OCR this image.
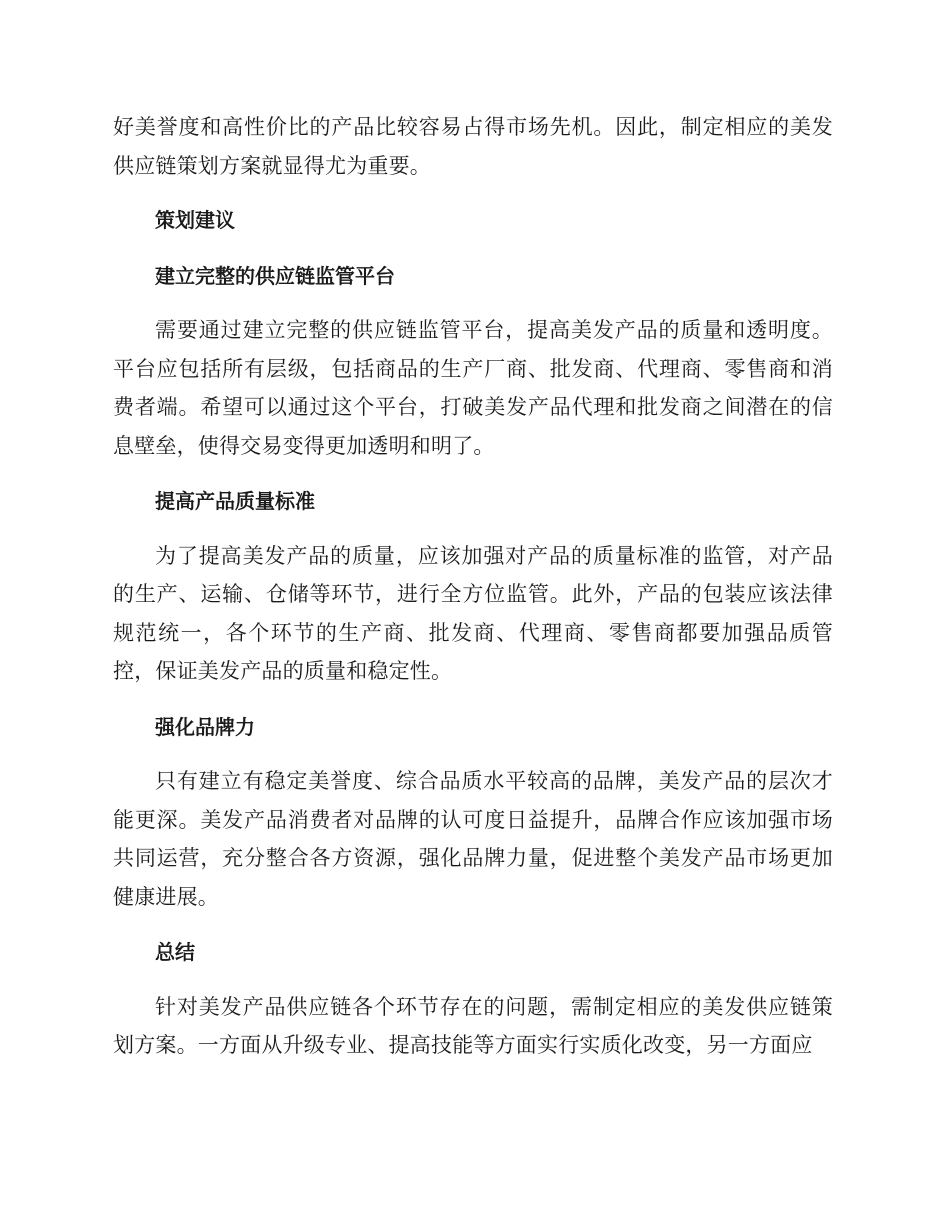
好美誉度和高性价比的产品比较容易占得市场先机。因此，制定相应的美发供应链策划方案就显得尤为重要。

策划建议
建立完整的供应链监管平台

需要通过建立完整的供应链监管平台，提高美发产品的质量和透明度。平台应包括所有层级，包括商品的生产厂商、批发商、代理商、零售商和消费者端。希望可以通过这个平台，打破美发产品代理和批发商之间潜在的信息壁垒，使得交易变得更加透明和明了。

提高产品质量标准

为了提高美发产品的质量，应该加强对产品的质量标准的监管，对产品的生产、运输、仓储等环节，进行全方位监管。此外，产品的包装应该法律规范统一，各个环节的生产商、批发商、代理商、零售商都要加强品质管控，保证美发产品的质量和稳定性。

强化品牌力

只有建立有稳定美誉度、综合品质水平较高的品牌，美发产品的层次才能更深。美发产品消费者对品牌的认可度日益提升，品牌合作应该加强市场共同运营，充分整合各方资源，强化品牌力量，促进整个美发产品市场更加健康进展。

总结

针对美发产品供应链各个环节存在的问题，需制定相应的美发供应链策划方案。一方面从升级专业、提高技能等方面实行实质化改变，另一方面应
